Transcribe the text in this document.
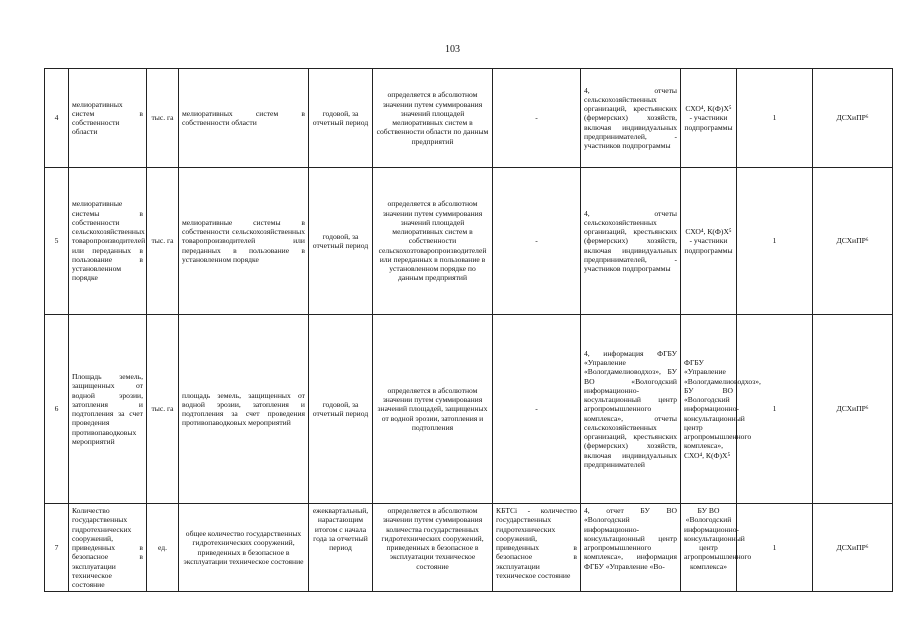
103
4	мелиоративных систем в собственности области	тыс. га	мелиоративных систем в собственности области	годовой, за отчетный период	определяется в абсолютном значении путем суммирования значений площадей мелиоративных систем в собственности области по данным предприятий	-	4, отчеты сельскохозяйственных организаций, крестьянских (фермерских) хозяйств, включая индивидуальных предпринимателей, - участников подпрограммы	СХО⁴, К(Ф)Х⁵ - участники подпрограммы	1	ДСХиПР⁶
5	мелиоративные системы в собственности сельскохозяйственных товаропроизводителей или переданных в пользование в установленном порядке	тыс. га	мелиоративные системы в собственности сельскохозяйственных товаропроизводителей или переданных в пользование в установленном порядке	годовой, за отчетный период	определяется в абсолютном значении путем суммирования значений площадей мелиоративных систем в собственности сельскохозтоваропроизводителей или переданных в пользование в установленном порядке по данным предприятий	-	4, отчеты сельскохозяйственных организаций, крестьянских (фермерских) хозяйств, включая индивидуальных предпринимателей, - участников подпрограммы	СХО⁴, К(Ф)Х⁵ - участники подпрограммы	1	ДСХиПР⁶
6	Площадь земель, защищенных от водной эрозии, затопления и подтопления за счет проведения противопаводковых мероприятий	тыс. га	площадь земель, защищенных от водной эрозии, затопления и подтопления за счет проведения противопаводковых мероприятий	годовой, за отчетный период	определяется в абсолютном значении путем суммирования значений площадей, защищенных от водной эрозии, затопления и подтопления	-	4, информация ФГБУ «Управление «Вологдамелиоводхоз», БУ ВО «Вологодский информационно-косультационный центр агропромышленного комплекса», отчеты сельскохозяйственных организаций, крестьянских (фермерских) хозяйств, включая индивидуальных предпринимателей	ФГБУ «Управление «Вологдамелиоводхоз», БУ ВО «Вологодский информационно-консультационный центр агропромышленного комплекса», СХО⁴, К(Ф)Х⁵	1	ДСХиПР⁶
7	Количество государственных гидротехнических сооружений, приведенных в безопасное в эксплуатации техническое состояние	ед.	общее количество государственных гидротехнических сооружений, приведенных в безопасное в эксплуатации техническое состояние	ежеквартальный, нарастающим итогом с начала года за отчетный период	определяется в абсолютном значении путем суммирования количества государственных гидротехнических сооружений, приведенных в безопасное в эксплуатации техническое состояние	КБТСi - количество государственных гидротехнических сооружений, приведенных в безопасное в эксплуатации техническое состояние	4, отчет БУ ВО «Вологодский информационно-консультационный центр агропромышленного комплекса», информация ФГБУ «Управление «Во-	БУ ВО «Вологодский информационно-консультационный центр агропромышленного комплекса»	1	ДСХиПР⁶
